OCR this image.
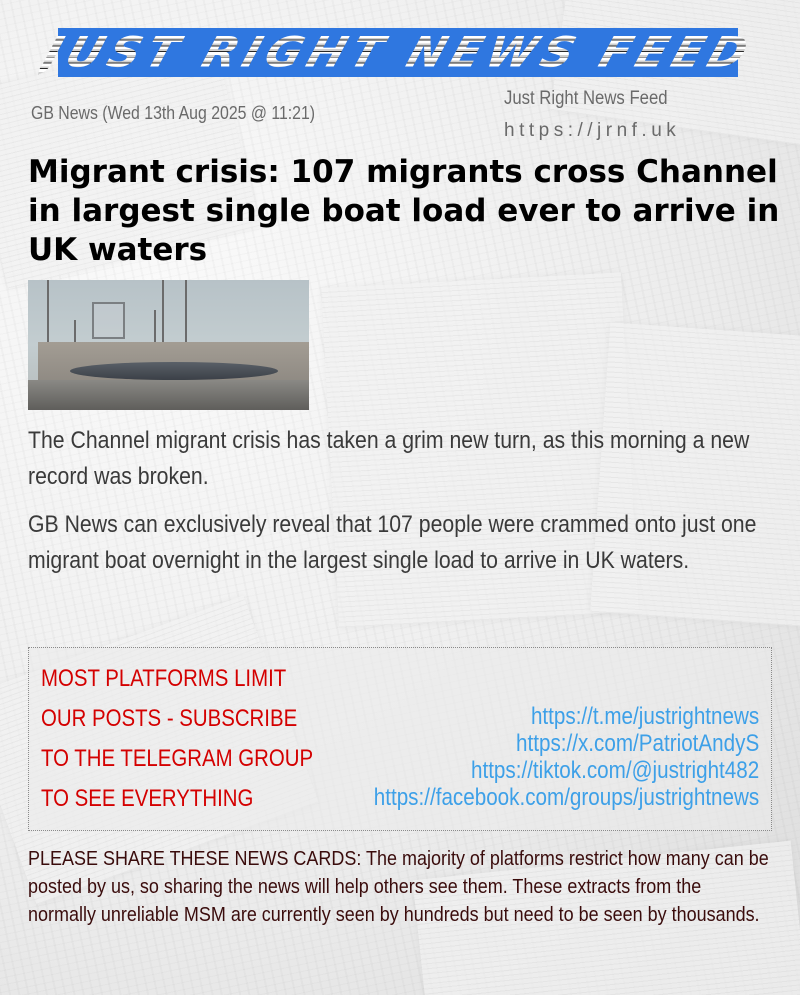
JUST RIGHT NEWS FEED
GB News (Wed 13th Aug 2025 @ 11:21)
Just Right News Feed
https://jrnf.uk
Migrant crisis: 107 migrants cross Channel in largest single boat load ever to arrive in UK waters

The Channel migrant crisis has taken a grim new turn, as this morning a new record was broken.

GB News can exclusively reveal that 107 people were crammed onto just one migrant boat overnight in the largest single load to arrive in UK waters.

MOST PLATFORMS LIMIT
OUR POSTS - SUBSCRIBE
TO THE TELEGRAM GROUP
TO SEE EVERYTHING
https://t.me/justrightnews
https://x.com/PatriotAndyS
https://tiktok.com/@justright482
https://facebook.com/groups/justrightnews

PLEASE SHARE THESE NEWS CARDS: The majority of platforms restrict how many can be posted by us, so sharing the news will help others see them. These extracts from the normally unreliable MSM are currently seen by hundreds but need to be seen by thousands.
